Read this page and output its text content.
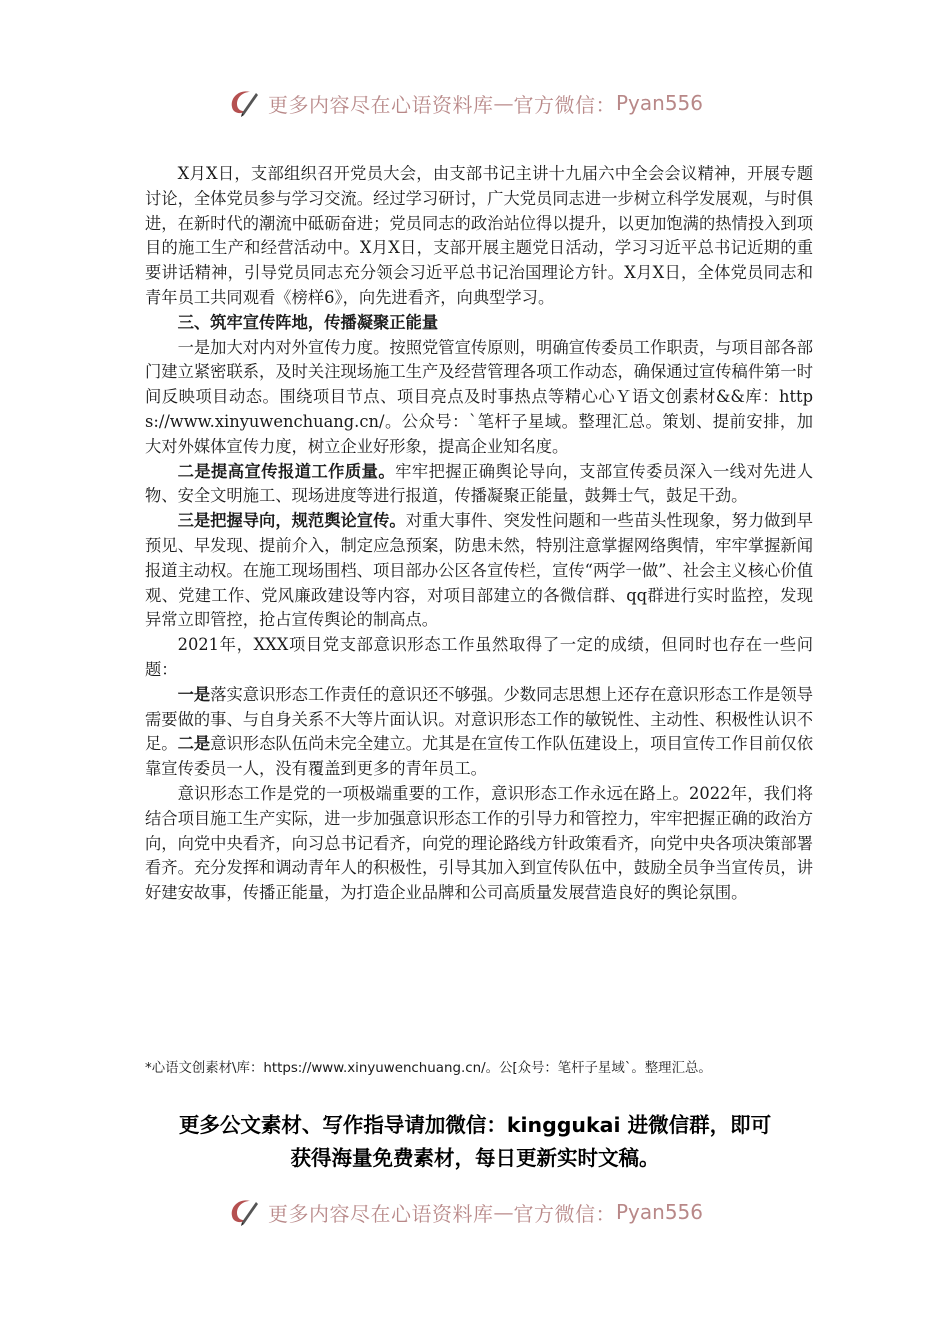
更多内容尽在心语资料库 — 官方微信： Pyan556

X月X日，支部组织召开党员大会，由支部书记主讲十九届六中全会会议精神，开展专题讨论，全体党员参与学习交流。经过学习研讨，广大党员同志进一步树立科学发展观，与时俱进，在新时代的潮流中砥砺奋进；党员同志的政治站位得以提升，以更加饱满的热情投入到项目的施工生产和经营活动中。X月X日，支部开展主题党日活动，学习习近平总书记近期的重要讲话精神，引导党员同志充分领会习近平总书记治国理论方针。X月X日，全体党员同志和青年员工共同观看《榜样6》，向先进看齐，向典型学习。

三、筑牢宣传阵地，传播凝聚正能量

一是加大对内对外宣传力度。按照党管宣传原则，明确宣传委员工作职责，与项目部各部门建立紧密联系，及时关注现场施工生产及经营管理各项工作动态，确保通过宣传稿件第一时间反映项目动态。围绕项目节点、项目亮点及时事热点等精心心Ｙ语文创素材&&库：https://www.xinyuwenchuang.cn/。公众号：`笔杆子星域。整理汇总。策划、提前安排，加大对外媒体宣传力度，树立企业好形象，提高企业知名度。

二是提高宣传报道工作质量。牢牢把握正确舆论导向，支部宣传委员深入一线对先进人物、安全文明施工、现场进度等进行报道，传播凝聚正能量，鼓舞士气，鼓足干劲。

三是把握导向，规范舆论宣传。对重大事件、突发性问题和一些苗头性现象，努力做到早预见、早发现、提前介入，制定应急预案，防患未然，特别注意掌握网络舆情，牢牢掌握新闻报道主动权。在施工现场围档、项目部办公区各宣传栏，宣传“两学一做”、社会主义核心价值观、党建工作、党风廉政建设等内容，对项目部建立的各微信群、qq群进行实时监控，发现异常立即管控，抢占宣传舆论的制高点。

2021年，XXX项目党支部意识形态工作虽然取得了一定的成绩，但同时也存在一些问题：

一是落实意识形态工作责任的意识还不够强。少数同志思想上还存在意识形态工作是领导需要做的事、与自身关系不大等片面认识。对意识形态工作的敏锐性、主动性、积极性认识不足。二是意识形态队伍尚未完全建立。尤其是在宣传工作队伍建设上，项目宣传工作目前仅依靠宣传委员一人，没有覆盖到更多的青年员工。

意识形态工作是党的一项极端重要的工作，意识形态工作永远在路上。2022年，我们将结合项目施工生产实际，进一步加强意识形态工作的引导力和管控力，牢牢把握正确的政治方向，向党中央看齐，向习总书记看齐，向党的理论路线方针政策看齐，向党中央各项决策部署看齐。充分发挥和调动青年人的积极性，引导其加入到宣传队伍中，鼓励全员争当宣传员，讲好建安故事，传播正能量，为打造企业品牌和公司高质量发展营造良好的舆论氛围。

*心语文创素材\库：https://www.xinyuwenchuang.cn/。公[众号：笔杆子星域`。整理汇总。
更多公文素材、写作指导请加微信：kinggukai 进微信群，即可
获得海量免费素材，每日更新实时文稿。
更多内容尽在心语资料库 — 官方微信： Pyan556
